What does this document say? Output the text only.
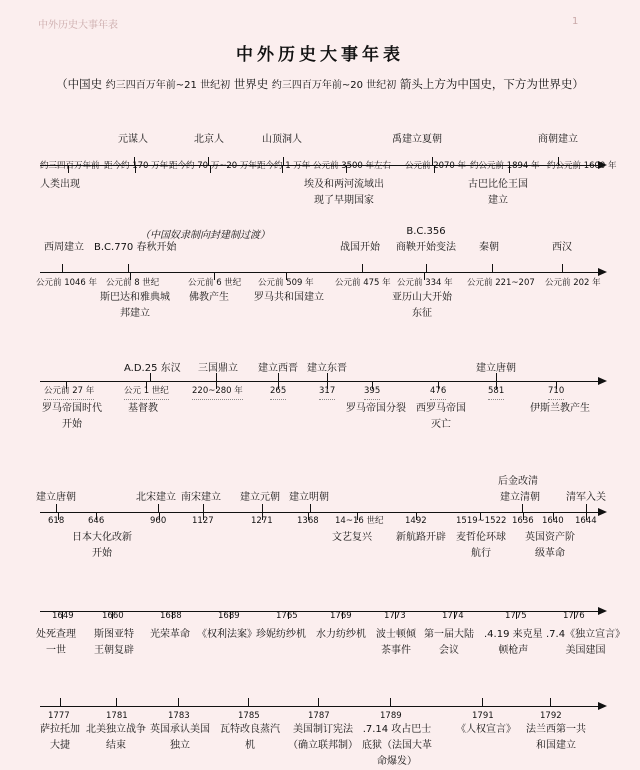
中外历史大事年表	1
中外历史大事年表
（中国史 约三四百万年前~21 世纪初 世界史 约三四百万年前~20 世纪初 箭头上方为中国史，下方为世界史）
元谋人	北京人	山顶洞人	禹建立夏朝	商朝建立
约三四百万年前 距今约 170 万年 距今约 70 万~20 万年 距今约 1 万年 公元前 3500 年左右 公元前 2070 年 约公元前 1894 年 约公元前 1600 年
人类出现	埃及和两河流域出
现了早期国家
古巴比伦王国
建立
（中国奴隶制向封建制过渡）
西周建立 B.C.770 春秋开始	战国开始
B.C.356
商鞅开始变法 秦朝	西汉
公元前 1046 年 公元前 8 世纪	公元前 6 世纪 公元前 509 年	公元前 475 年 公元前 334 年 公元前 221~207 公元前 202 年
斯巴达和雅典城
邦建立
佛教产生	罗马共和国建立	亚历山大开始
东征
A.D.25 东汉 三国鼎立 建立西晋 建立东晋	建立唐朝
公元前 27 年	公元 1 世纪	220~280 年	265	317	395	476	581	710
罗马帝国时代
开始
基督教	罗马帝国分裂 西罗马帝国
灭亡
伊斯兰教产生
建立唐朝	北宋建立 南宋建立 建立元朝 建立明朝
后金改清
建立清朝	清军入关
618	646	960	1127	1271	1368 14~16 世纪	1492	1519~1522 1636 1640 1644
日本大化改新
开始
文艺复兴 新航路开辟 麦哲伦环球
航行
英国资产阶
级革命
1649	1660	1688	1689	1765	1769	1773	1774	1775	1776
处死查理
一世
斯图亚特
王朝复辟
光荣革命 《权利法案》 珍妮纺纱机 水力纺纱机 波士顿倾
茶事件
第一届大陆
会议
.4.19 来克星
顿枪声
.7.4《独立宣言》
美国建国
1777	1781	1783	1785	1787	1789	1791	1792
萨拉托加
大捷
北美独立战争
结束
英国承认美国
独立
瓦特改良蒸汽
机
美国制订宪法
（确立联邦制）
.7.14 攻占巴士
底狱（法国大革
命爆发）
《人权宣言》 法兰西第一共
和国建立
